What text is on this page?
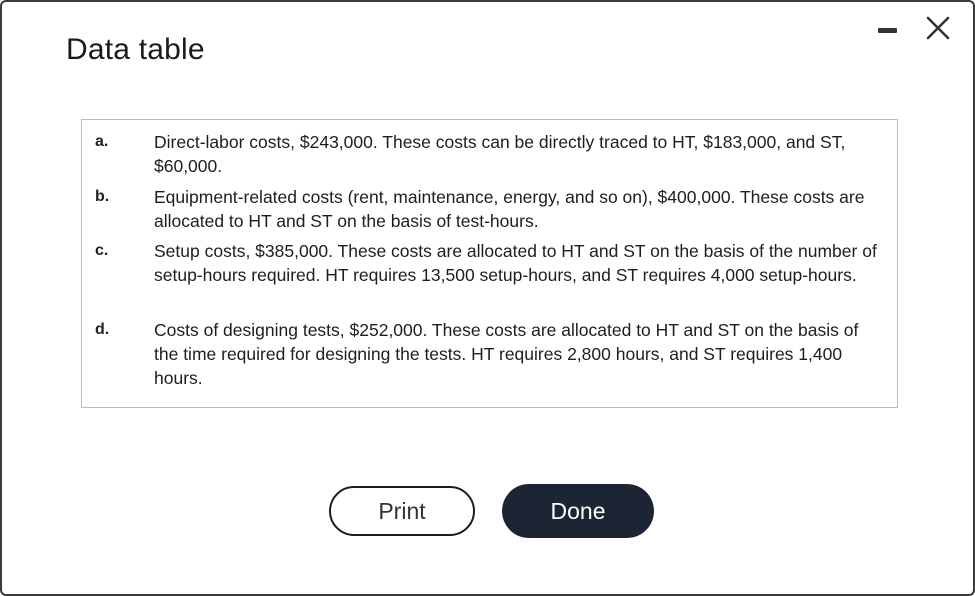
Data table
a.	Direct-labor costs, $243,000. These costs can be directly traced to HT, $183,000, and ST, $60,000.
b.	Equipment-related costs (rent, maintenance, energy, and so on), $400,000. These costs are allocated to HT and ST on the basis of test-hours.
c.	Setup costs, $385,000. These costs are allocated to HT and ST on the basis of the number of setup-hours required. HT requires 13,500 setup-hours, and ST requires 4,000 setup-hours.
d.	Costs of designing tests, $252,000. These costs are allocated to HT and ST on the basis of the time required for designing the tests. HT requires 2,800 hours, and ST requires 1,400 hours.
Print	Done
